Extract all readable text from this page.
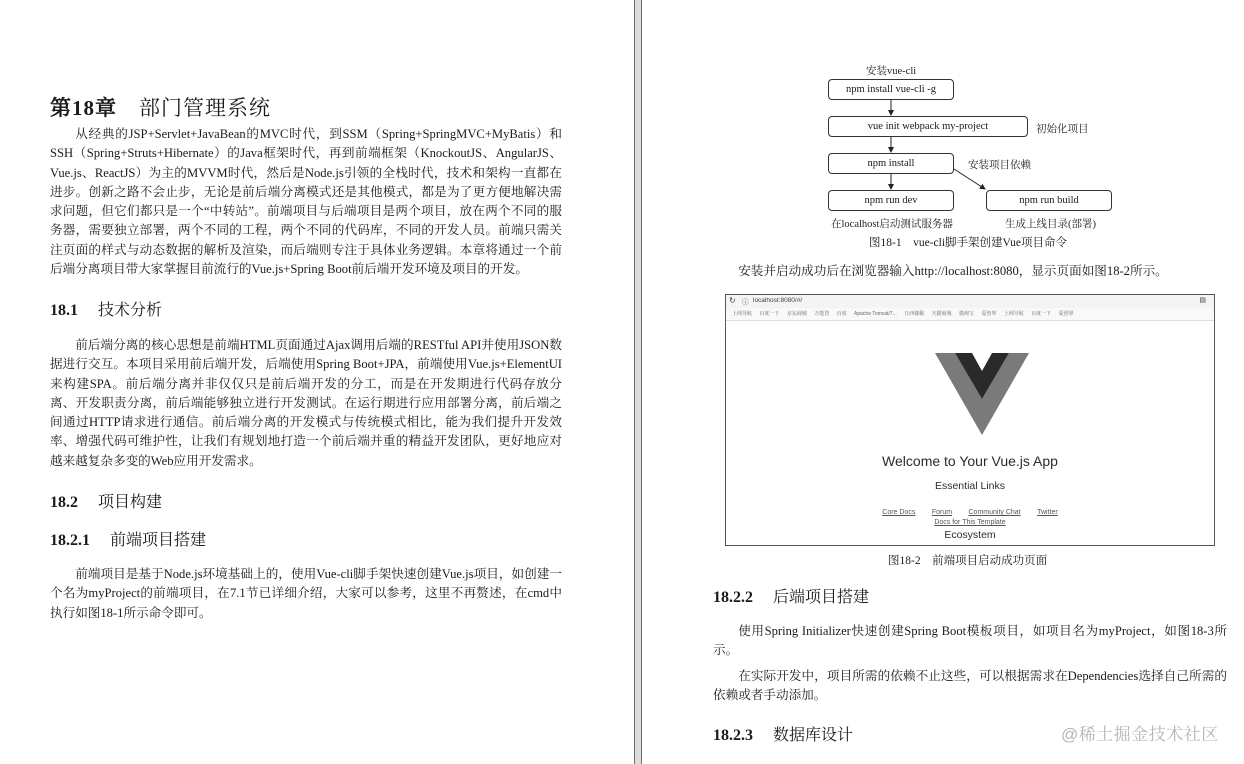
第18章 部门管理系统

从经典的JSP+Servlet+JavaBean的MVC时代，到SSM（Spring+SpringMVC+MyBatis）和SSH（Spring+Struts+Hibernate）的Java框架时代，再到前端框架（KnockoutJS、AngularJS、Vue.js、ReactJS）为主的MVVM时代，然后是Node.js引领的全栈时代，技术和架构一直都在进步。创新之路不会止步，无论是前后端分离模式还是其他模式，都是为了更方便地解决需求问题，但它们都只是一个“中转站”。前端项目与后端项目是两个项目，放在两个不同的服务器，需要独立部署，两个不同的工程，两个不同的代码库，不同的开发人员。前端只需关注页面的样式与动态数据的解析及渲染，而后端则专注于具体业务逻辑。本章将通过一个前后端分离项目带大家掌握目前流行的Vue.js+Spring Boot前后端开发环境及项目的开发。

18.1 技术分析

前后端分离的核心思想是前端HTML页面通过Ajax调用后端的RESTful API并使用JSON数据进行交互。本项目采用前后端开发，后端使用Spring Boot+JPA，前端使用Vue.js+ElementUI来构建SPA。前后端分离并非仅仅只是前后端开发的分工，而是在开发期进行代码存放分离、开发职责分离，前后端能够独立进行开发测试。在运行期进行应用部署分离，前后端之间通过HTTP请求进行通信。前后端分离的开发模式与传统模式相比，能为我们提升开发效率、增强代码可维护性，让我们有规划地打造一个前后端并重的精益开发团队，更好地应对越来越复杂多变的Web应用开发需求。

18.2 项目构建
18.2.1 前端项目搭建

前端项目是基于Node.js环境基础上的，使用Vue-cli脚手架快速创建Vue.js项目，如创建一个名为myProject的前端项目，在7.1节已详细介绍，大家可以参考，这里不再赘述，在cmd中执行如图18-1所示命令即可。

安装vue-cli
npm install vue-cli -g
vue init webpack my-project	初始化项目
npm install	安装项目依赖
npm run dev	npm run build
在localhost启动测试服务器	生成上线目录(部署)
图18-1　vue-cli脚手架创建Vue项目命令

安装并启动成功后在浏览器输入http://localhost:8080，显示页面如图18-2所示。

↻ ⓘ localhost:8080/#/	▤
上网导航 百度一下 京东商城 万能贷 百度 Apache Tomcat/7... 日西楼稀 天猫商城 微淘宝 爱创界 上网导航 百度一下 爱创界
Welcome to Your Vue.js App
Essential Links
Core Docs Forum Community Chat Twitter
Docs for This Template
Ecosystem
图18-2　前端项目启动成功页面
18.2.2 后端项目搭建

使用Spring Initializer快速创建Spring Boot模板项目，如项目名为myProject，如图18-3所示。

在实际开发中，项目所需的依赖不止这些，可以根据需求在Dependencies选择自己所需的依赖或者手动添加。

18.2.3 数据库设计	@稀土掘金技术社区
